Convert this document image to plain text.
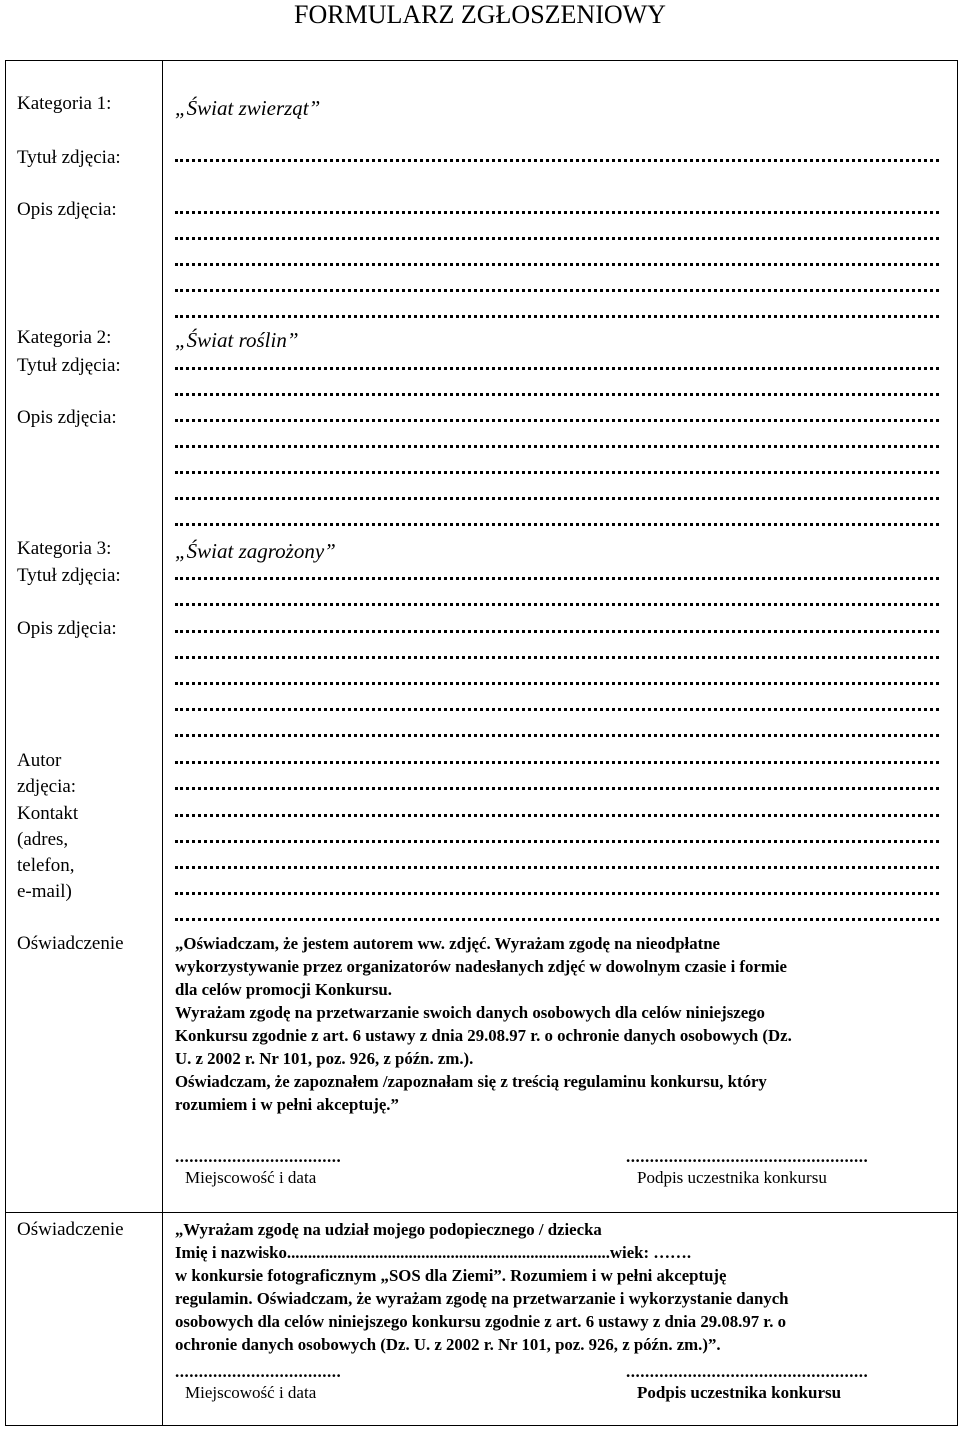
FORMULARZ ZGŁOSZENIOWY
Kategoria 1:	„Świat zwierząt”
Tytuł zdjęcia:
Opis zdjęcia:
Kategoria 2:	„Świat roślin”
Tytuł zdjęcia:
Opis zdjęcia:
Kategoria 3:	„Świat zagrożony”
Tytuł zdjęcia:
Opis zdjęcia:
Autor
zdjęcia:
Kontakt
(adres,
telefon,
e-mail)
Oświadczenie	„Oświadczam, że jestem autorem ww. zdjęć. Wyrażam zgodę na nieodpłatne
wykorzystywanie przez organizatorów nadesłanych zdjęć w dowolnym czasie i formie
dla celów promocji Konkursu.
Wyrażam zgodę na przetwarzanie swoich danych osobowych dla celów niniejszego
Konkursu zgodnie z art. 6 ustawy z dnia 29.08.97 r. o ochronie danych osobowych (Dz.
U. z 2002 r. Nr 101, poz. 926, z późn. zm.).
Oświadczam, że zapoznałem /zapoznałam się z treścią regulaminu konkursu, który
rozumiem i w pełni akceptuję.”
...................................	...................................................
Miejscowość i data	Podpis uczestnika konkursu
Oświadczenie	„Wyrażam zgodę na udział mojego podopiecznego / dziecka
Imię i nazwisko.............................................................................wiek: …….
w konkursie fotograficznym „SOS dla Ziemi”. Rozumiem i w pełni akceptuję
regulamin. Oświadczam, że wyrażam zgodę na przetwarzanie i wykorzystanie danych
osobowych dla celów niniejszego konkursu zgodnie z art. 6 ustawy z dnia 29.08.97 r. o
ochronie danych osobowych (Dz. U. z 2002 r. Nr 101, poz. 926, z późn. zm.)”.
...................................	...................................................
Miejscowość i data	Podpis uczestnika konkursu
